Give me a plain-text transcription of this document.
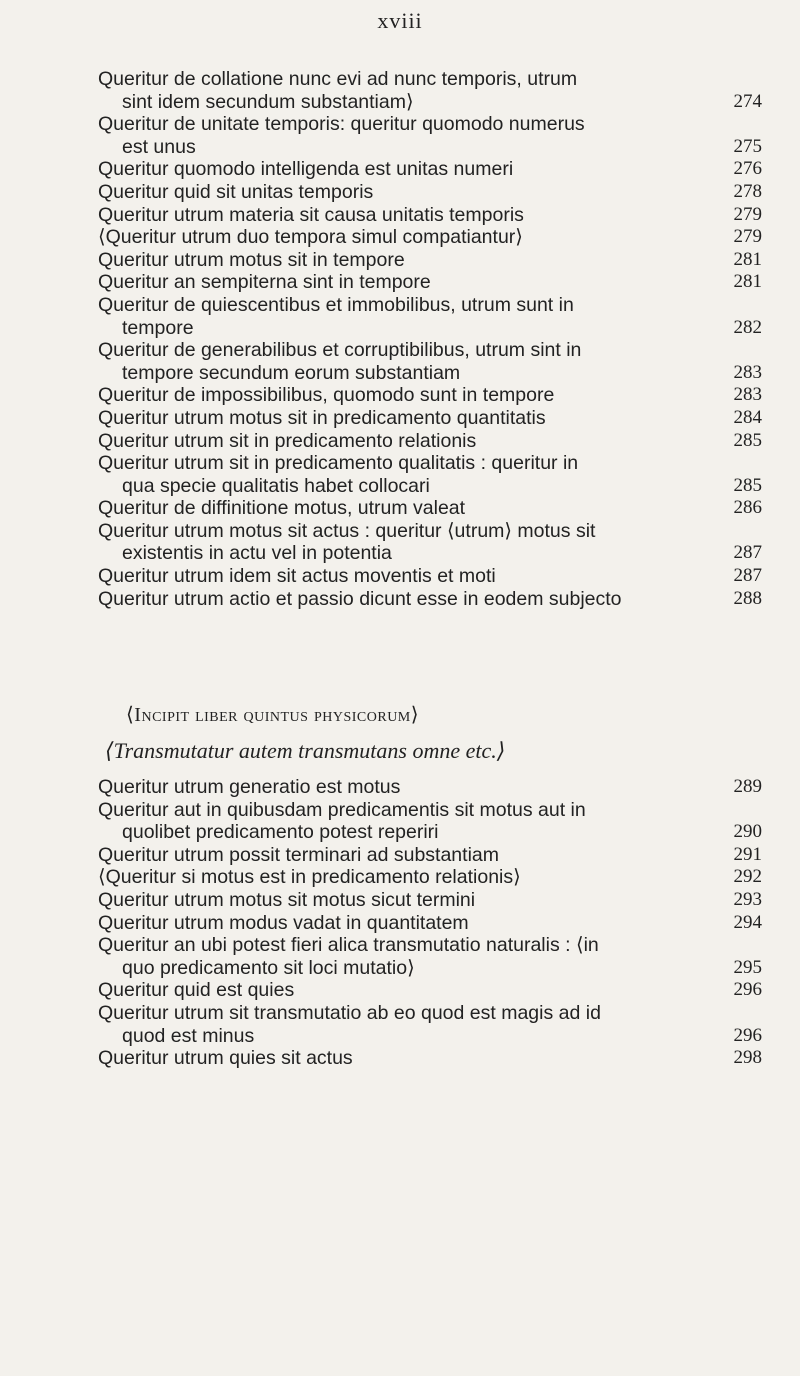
xviii
Queritur de collatione nunc evi ad nunc temporis, utrum
sint idem secundum substantiam⟩	274
Queritur de unitate temporis: queritur quomodo numerus
est unus	275
Queritur quomodo intelligenda est unitas numeri	276
Queritur quid sit unitas temporis	278
Queritur utrum materia sit causa unitatis temporis	279
⟨Queritur utrum duo tempora simul compatiantur⟩	279
Queritur utrum motus sit in tempore	281
Queritur an sempiterna sint in tempore	281
Queritur de quiescentibus et immobilibus, utrum sunt in
tempore	282
Queritur de generabilibus et corruptibilibus, utrum sint in
tempore secundum eorum substantiam	283
Queritur de impossibilibus, quomodo sunt in tempore	283
Queritur utrum motus sit in predicamento quantitatis	284
Queritur utrum sit in predicamento relationis	285
Queritur utrum sit in predicamento qualitatis : queritur in
qua specie qualitatis habet collocari	285
Queritur de diffinitione motus, utrum valeat	286
Queritur utrum motus sit actus : queritur ⟨utrum⟩ motus sit
existentis in actu vel in potentia	287
Queritur utrum idem sit actus moventis et moti	287
Queritur utrum actio et passio dicunt esse in eodem subjecto	288
⟨Incipit liber quintus physicorum⟩
⟨Transmutatur autem transmutans omne etc.⟩
Queritur utrum generatio est motus	289
Queritur aut in quibusdam predicamentis sit motus aut in
quolibet predicamento potest reperiri	290
Queritur utrum possit terminari ad substantiam	291
⟨Queritur si motus est in predicamento relationis⟩	292
Queritur utrum motus sit motus sicut termini	293
Queritur utrum modus vadat in quantitatem	294
Queritur an ubi potest fieri alica transmutatio naturalis : ⟨in
quo predicamento sit loci mutatio⟩	295
Queritur quid est quies	296
Queritur utrum sit transmutatio ab eo quod est magis ad id
quod est minus	296
Queritur utrum quies sit actus	298
